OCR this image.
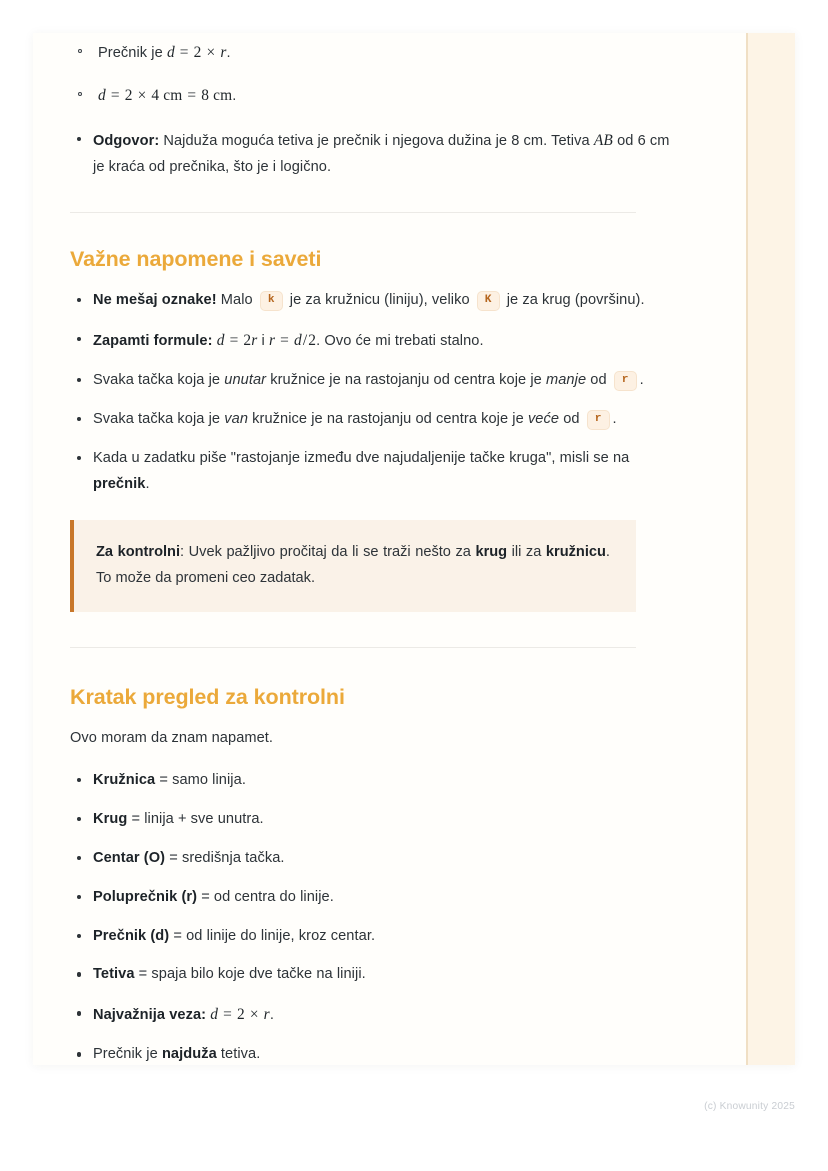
Prečnik je d = 2 × r.
d = 2 × 4 cm = 8 cm.
Odgovor: Najduža moguća tetiva je prečnik i njegova dužina je 8 cm. Tetiva AB od 6 cm je kraća od prečnika, što je i logično.
Važne napomene i saveti
Ne mešaj oznake! Malo k je za kružnicu (liniju), veliko K je za krug (površinu).
Zapamti formule: d = 2r i r = d/2. Ovo će mi trebati stalno.
Svaka tačka koja je unutar kružnice je na rastojanju od centra koje je manje od r .
Svaka tačka koja je van kružnice je na rastojanju od centra koje je veće od r .
Kada u zadatku piše "rastojanje između dve najudaljenije tačke kruga", misli se na prečnik.
Za kontrolni: Uvek pažljivo pročitaj da li se traži nešto za krug ili za kružnicu. To može da promeni ceo zadatak.
Kratak pregled za kontrolni

Ovo moram da znam napamet.

Kružnica = samo linija.
Krug = linija + sve unutra.
Centar (O) = središnja tačka.
Poluprečnik (r) = od centra do linije.
Prečnik (d) = od linije do linije, kroz centar.
Tetiva = spaja bilo koje dve tačke na liniji.
Najvažnija veza: d = 2 × r.
Prečnik je najduža tetiva.
(c) Knowunity 2025
